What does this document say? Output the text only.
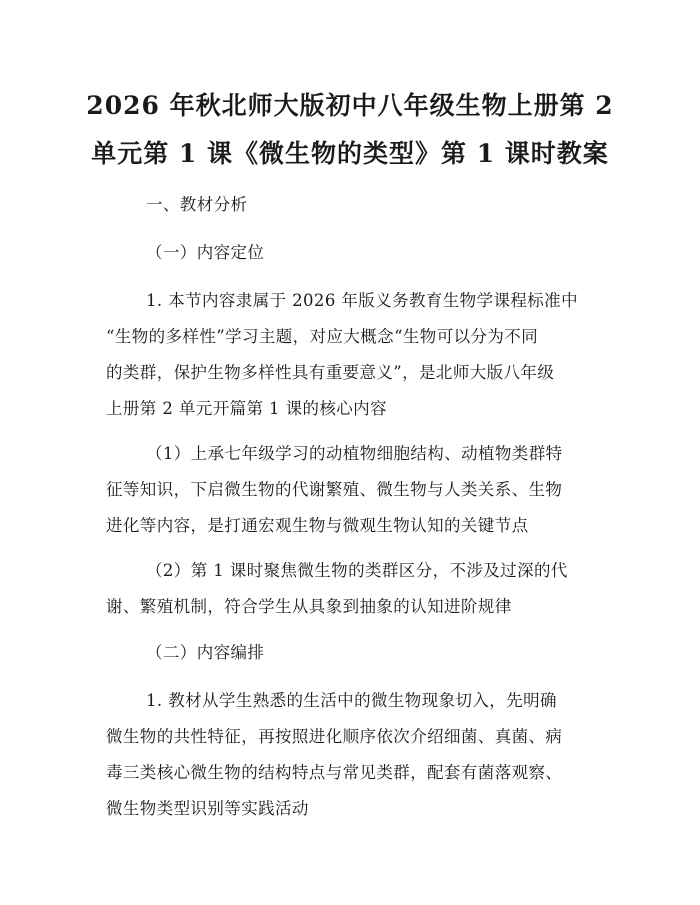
2026 年秋北师大版初中八年级生物上册第 2
单元第 1 课《微生物的类型》第 1 课时教案
一、教材分析
（一）内容定位
1. 本节内容隶属于 2026 年版义务教育生物学课程标准中
“生物的多样性”学习主题，对应大概念“生物可以分为不同
的类群，保护生物多样性具有重要意义”，是北师大版八年级
上册第 2 单元开篇第 1 课的核心内容
（1）上承七年级学习的动植物细胞结构、动植物类群特
征等知识，下启微生物的代谢繁殖、微生物与人类关系、生物
进化等内容，是打通宏观生物与微观生物认知的关键节点
（2）第 1 课时聚焦微生物的类群区分，不涉及过深的代
谢、繁殖机制，符合学生从具象到抽象的认知进阶规律
（二）内容编排
1. 教材从学生熟悉的生活中的微生物现象切入，先明确
微生物的共性特征，再按照进化顺序依次介绍细菌、真菌、病
毒三类核心微生物的结构特点与常见类群，配套有菌落观察、
微生物类型识别等实践活动
